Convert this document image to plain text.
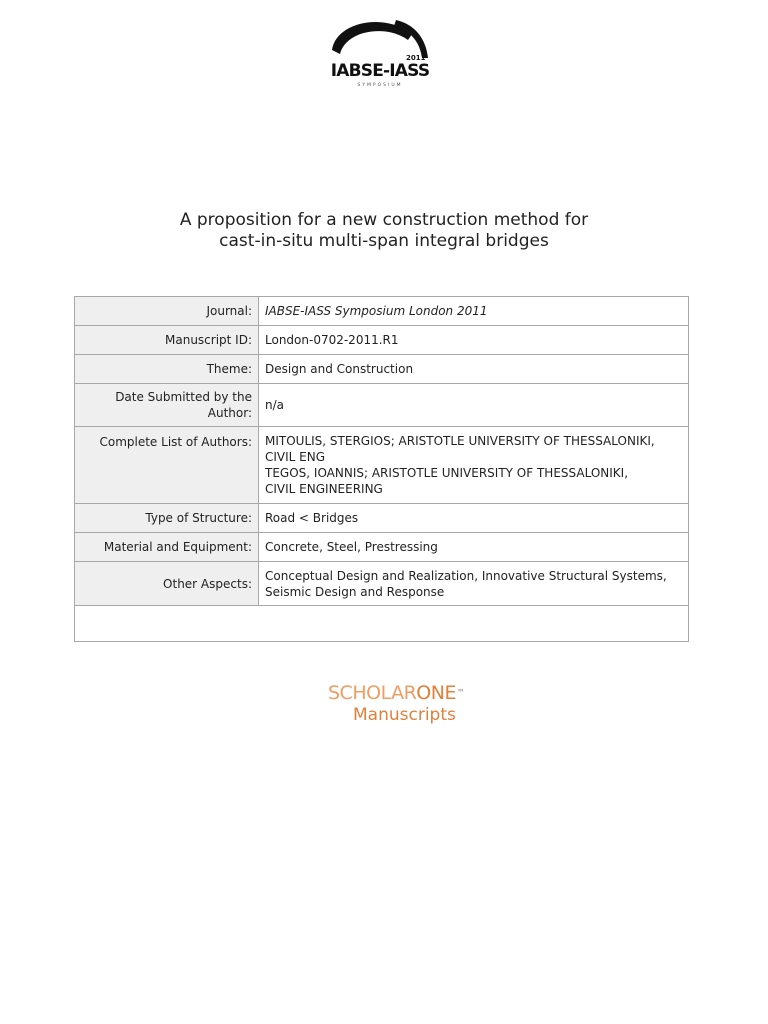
2011
IABSE-IASS
SYMPOSIUM
A proposition for a new construction method for
cast-in-situ multi-span integral bridges
Journal:	IABSE-IASS Symposium London 2011
Manuscript ID:	London-0702-2011.R1
Theme:	Design and Construction

Date Submitted by the
Author:	n/a
Complete List of Authors:	MITOULIS, STERGIOS; ARISTOTLE UNIVERSITY OF THESSALONIKI,
CIVIL ENG
TEGOS, IOANNIS; ARISTOTLE UNIVERSITY OF THESSALONIKI,
CIVIL ENGINEERING

Type of Structure:	Road < Bridges
Material and Equipment:	Concrete, Steel, Prestressing
Other Aspects:	Conceptual Design and Realization, Innovative Structural Systems,
Seismic Design and Response

SCHOLARONE™
Manuscripts
